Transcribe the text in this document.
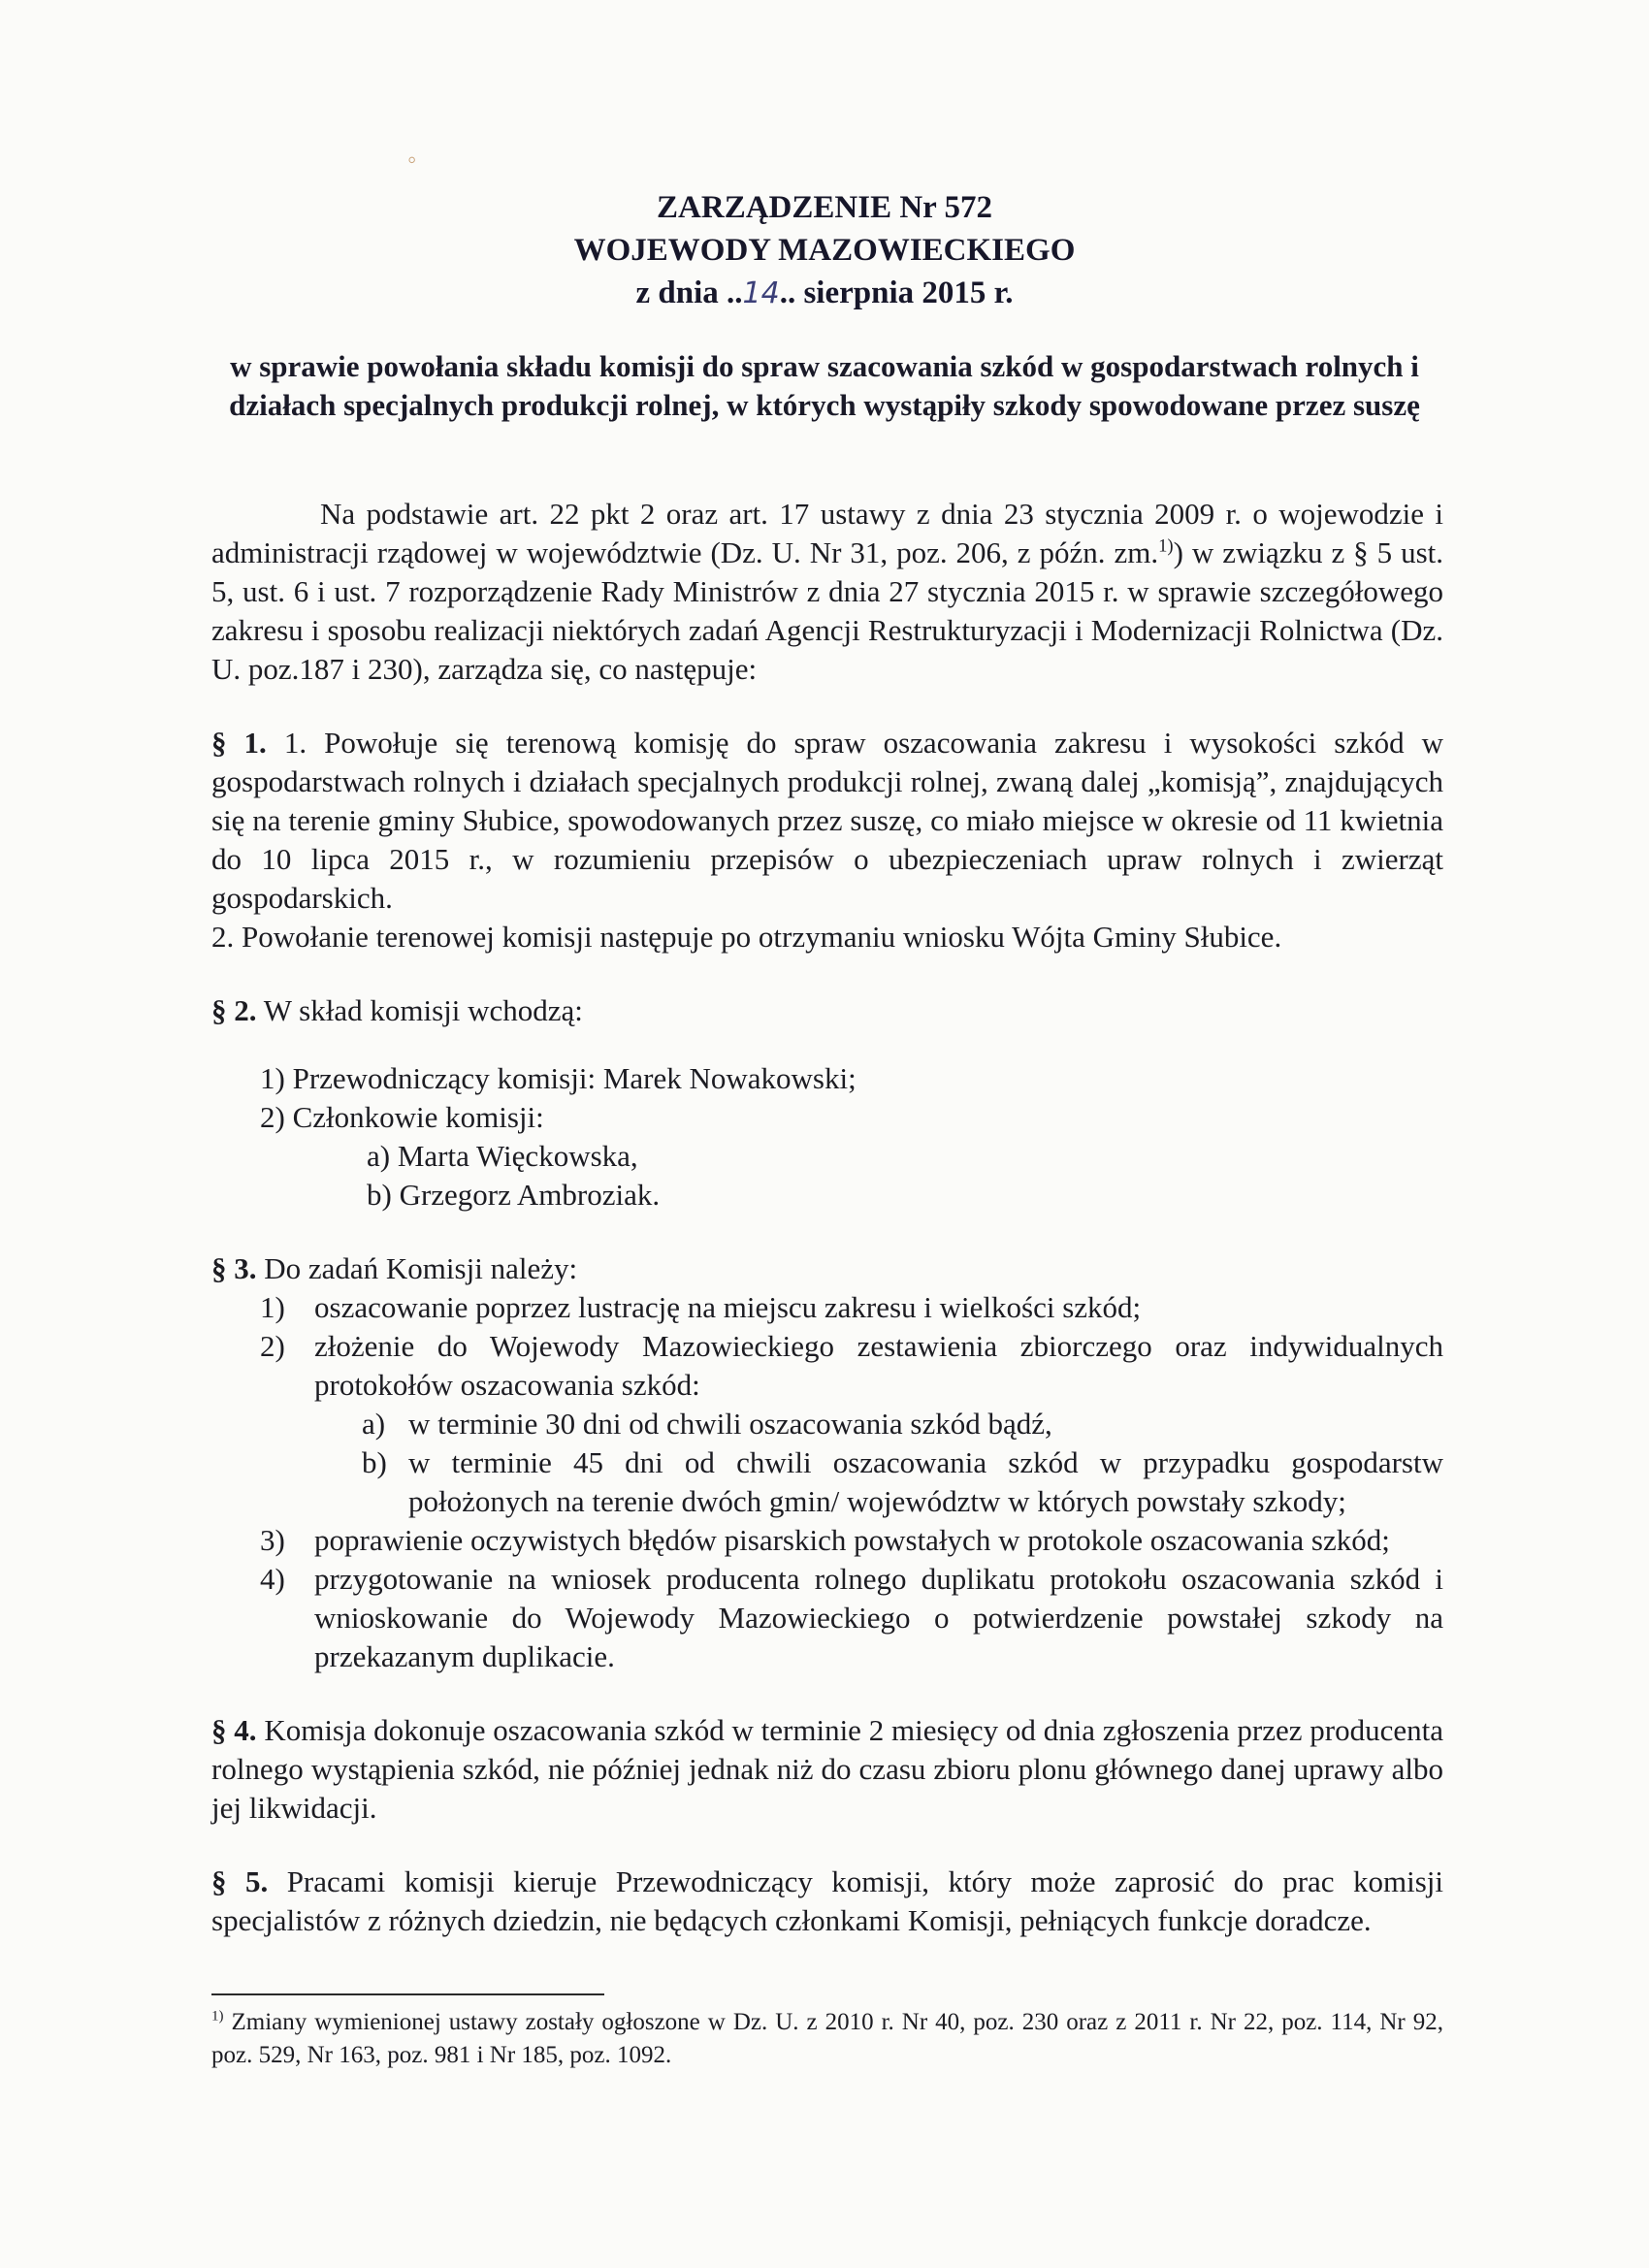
◦
ZARZĄDZENIE Nr 572
WOJEWODY MAZOWIECKIEGO
z dnia ..14.. sierpnia 2015 r.
w sprawie powołania składu komisji do spraw szacowania szkód w gospodarstwach rolnych i działach specjalnych produkcji rolnej, w których wystąpiły szkody spowodowane przez suszę

Na podstawie art. 22 pkt 2 oraz art. 17 ustawy z dnia 23 stycznia 2009 r. o wojewodzie i administracji rządowej w województwie (Dz. U. Nr 31, poz. 206, z późn. zm.$^{1)}$) w związku z § 5 ust. 5, ust. 6 i ust. 7 rozporządzenie Rady Ministrów z dnia 27 stycznia 2015 r. w sprawie szczegółowego zakresu i sposobu realizacji niektórych zadań Agencji Restrukturyzacji i Modernizacji Rolnictwa (Dz. U. poz.187 i 230), zarządza się, co następuje:

§ 1. 1. Powołuje się terenową komisję do spraw oszacowania zakresu i wysokości szkód w gospodarstwach rolnych i działach specjalnych produkcji rolnej, zwaną dalej „komisją”, znajdujących się na terenie gminy Słubice, spowodowanych przez suszę, co miało miejsce w okresie od 11 kwietnia do 10 lipca 2015 r., w rozumieniu przepisów o ubezpieczeniach upraw rolnych i zwierząt gospodarskich.

2. Powołanie terenowej komisji następuje po otrzymaniu wniosku Wójta Gminy Słubice.

§ 2. W skład komisji wchodzą:

1) Przewodniczący komisji: Marek Nowakowski;

2) Członkowie komisji:

a) Marta Więckowska,

b) Grzegorz Ambroziak.

§ 3. Do zadań Komisji należy:

1) oszacowanie poprzez lustrację na miejscu zakresu i wielkości szkód;
2) złożenie do Wojewody Mazowieckiego zestawienia zbiorczego oraz indywidualnych protokołów oszacowania szkód:
a) w terminie 30 dni od chwili oszacowania szkód bądź,
b) w terminie 45 dni od chwili oszacowania szkód w przypadku gospodarstw położonych na terenie dwóch gmin/ województw w których powstały szkody;
3) poprawienie oczywistych błędów pisarskich powstałych w protokole oszacowania szkód;
4) przygotowanie na wniosek producenta rolnego duplikatu protokołu oszacowania szkód i wnioskowanie do Wojewody Mazowieckiego o potwierdzenie powstałej szkody na przekazanym duplikacie.

§ 4. Komisja dokonuje oszacowania szkód w terminie 2 miesięcy od dnia zgłoszenia przez producenta rolnego wystąpienia szkód, nie później jednak niż do czasu zbioru plonu głównego danej uprawy albo jej likwidacji.

§ 5. Pracami komisji kieruje Przewodniczący komisji, który może zaprosić do prac komisji specjalistów z różnych dziedzin, nie będących członkami Komisji, pełniących funkcje doradcze.

$^{1)}$ Zmiany wymienionej ustawy zostały ogłoszone w Dz. U. z 2010 r. Nr 40, poz. 230 oraz z 2011 r. Nr 22, poz. 114, Nr 92, poz. 529, Nr 163, poz. 981 i Nr 185, poz. 1092.
